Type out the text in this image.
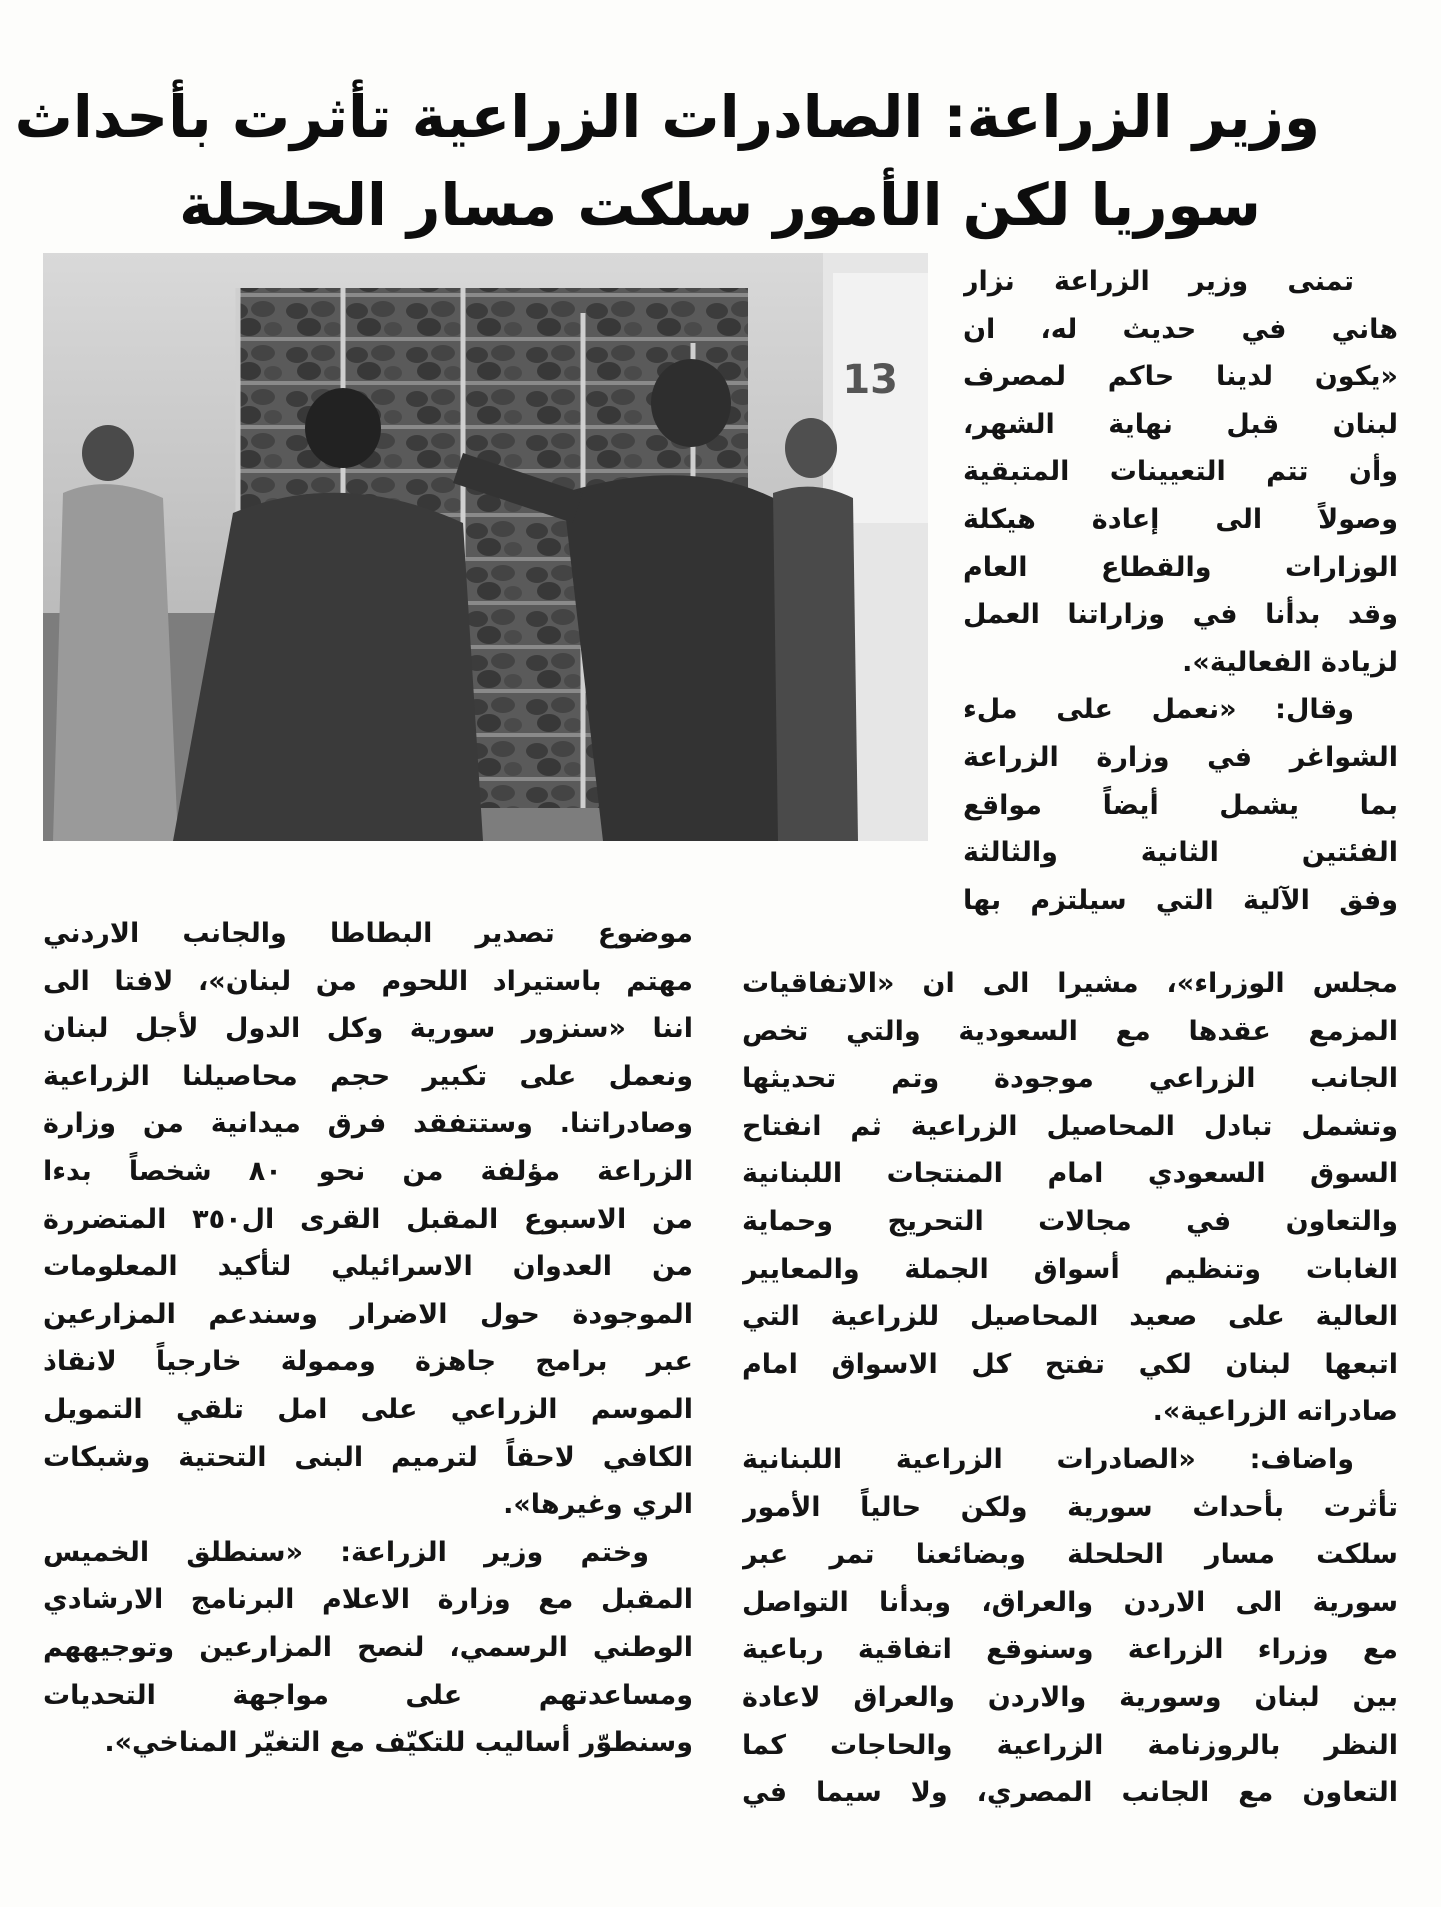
وزير الزراعة: الصادرات الزراعية تأثرت بأحداث
سوريا لكن الأمور سلكت مسار الحلحلة
13
تمنى وزير الزراعة نزار
هاني في حديث له، ان
«يكون لدينا حاكم لمصرف
لبنان قبل نهاية الشهر،
وأن تتم التعيينات المتبقية
وصولاً الى إعادة هيكلة
الوزارات والقطاع العام
وقد بدأنا في وزاراتنا العمل
لزيادة الفعالية».
وقال: «نعمل على ملء
الشواغر في وزارة الزراعة
بما يشمل أيضاً مواقع
الفئتين الثانية والثالثة
وفق الآلية التي سيلتزم بها
مجلس الوزراء»، مشيرا الى ان «الاتفاقيات
المزمع عقدها مع السعودية والتي تخص
الجانب الزراعي موجودة وتم تحديثها
وتشمل تبادل المحاصيل الزراعية ثم انفتاح
السوق السعودي امام المنتجات اللبنانية
والتعاون في مجالات التحريج وحماية
الغابات وتنظيم أسواق الجملة والمعايير
العالية على صعيد المحاصيل للزراعية التي
اتبعها لبنان لكي تفتح كل الاسواق امام
صادراته الزراعية».
واضاف: «الصادرات الزراعية اللبنانية
تأثرت بأحداث سورية ولكن حالياً الأمور
سلكت مسار الحلحلة وبضائعنا تمر عبر
سورية الى الاردن والعراق، وبدأنا التواصل
مع وزراء الزراعة وسنوقع اتفاقية رباعية
بين لبنان وسورية والاردن والعراق لاعادة
النظر بالروزنامة الزراعية والحاجات كما
التعاون مع الجانب المصري، ولا سيما في
موضوع تصدير البطاطا والجانب الاردني
مهتم باستيراد اللحوم من لبنان»، لافتا الى
اننا «سنزور سورية وكل الدول لأجل لبنان
ونعمل على تكبير حجم محاصيلنا الزراعية
وصادراتنا. وستتفقد فرق ميدانية من وزارة
الزراعة مؤلفة من نحو ٨٠ شخصاً بدءا
من الاسبوع المقبل القرى ال٣٥٠ المتضررة
من العدوان الاسرائيلي لتأكيد المعلومات
الموجودة حول الاضرار وسندعم المزارعين
عبر برامج جاهزة وممولة خارجياً لانقاذ
الموسم الزراعي على امل تلقي التمويل
الكافي لاحقاً لترميم البنى التحتية وشبكات
الري وغيرها».
وختم وزير الزراعة: «سنطلق الخميس
المقبل مع وزارة الاعلام البرنامج الارشادي
الوطني الرسمي، لنصح المزارعين وتوجيههم
ومساعدتهم على مواجهة التحديات
وسنطوّر أساليب للتكيّف مع التغيّر المناخي».
